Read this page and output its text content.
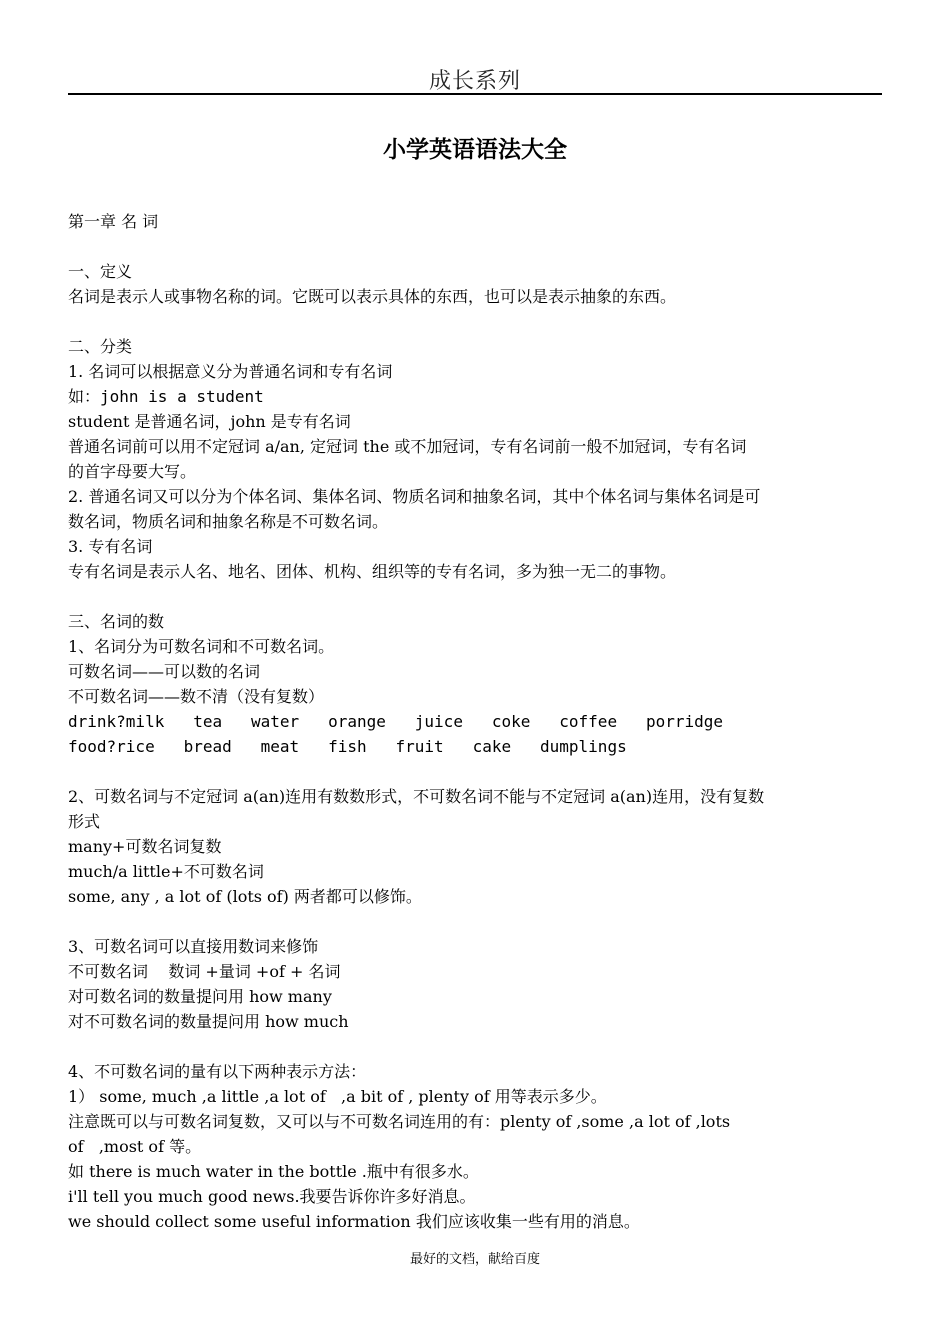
成长系列
小学英语语法大全
第一章 名 词
一、定义
名词是表示人或事物名称的词。它既可以表示具体的东西，也可以是表示抽象的东西。
二、分类
1. 名词可以根据意义分为普通名词和专有名词
如：john is a student
student 是普通名词，john 是专有名词
普通名词前可以用不定冠词 a/an, 定冠词 the 或不加冠词，专有名词前一般不加冠词，专有名词
的首字母要大写。
2. 普通名词又可以分为个体名词、集体名词、物质名词和抽象名词，其中个体名词与集体名词是可
数名词，物质名词和抽象名称是不可数名词。
3. 专有名词
专有名词是表示人名、地名、团体、机构、组织等的专有名词，多为独一无二的事物。
三、名词的数
1、名词分为可数名词和不可数名词。
可数名词——可以数的名词
不可数名词——数不清（没有复数）
drink?milk   tea   water   orange   juice   coke   coffee   porridge
food?rice   bread   meat   fish   fruit   cake   dumplings
2、可数名词与不定冠词 a(an)连用有数数形式，不可数名词不能与不定冠词 a(an)连用，没有复数
形式
many+可数名词复数
much/a little+不可数名词
some, any , a lot of (lots of) 两者都可以修饰。
3、可数名词可以直接用数词来修饰
不可数名词    数词 +量词 +of + 名词
对可数名词的数量提问用 how many
对不可数名词的数量提问用 how much
4、不可数名词的量有以下两种表示方法：
1） some, much ,a little ,a lot of   ,a bit of , plenty of 用等表示多少。
注意既可以与可数名词复数，又可以与不可数名词连用的有：plenty of ,some ,a lot of ,lots
of   ,most of 等。
如 there is much water in the bottle .瓶中有很多水。
i'll tell you much good news.我要告诉你许多好消息。
we should collect some useful information 我们应该收集一些有用的消息。
最好的文档，献给百度
